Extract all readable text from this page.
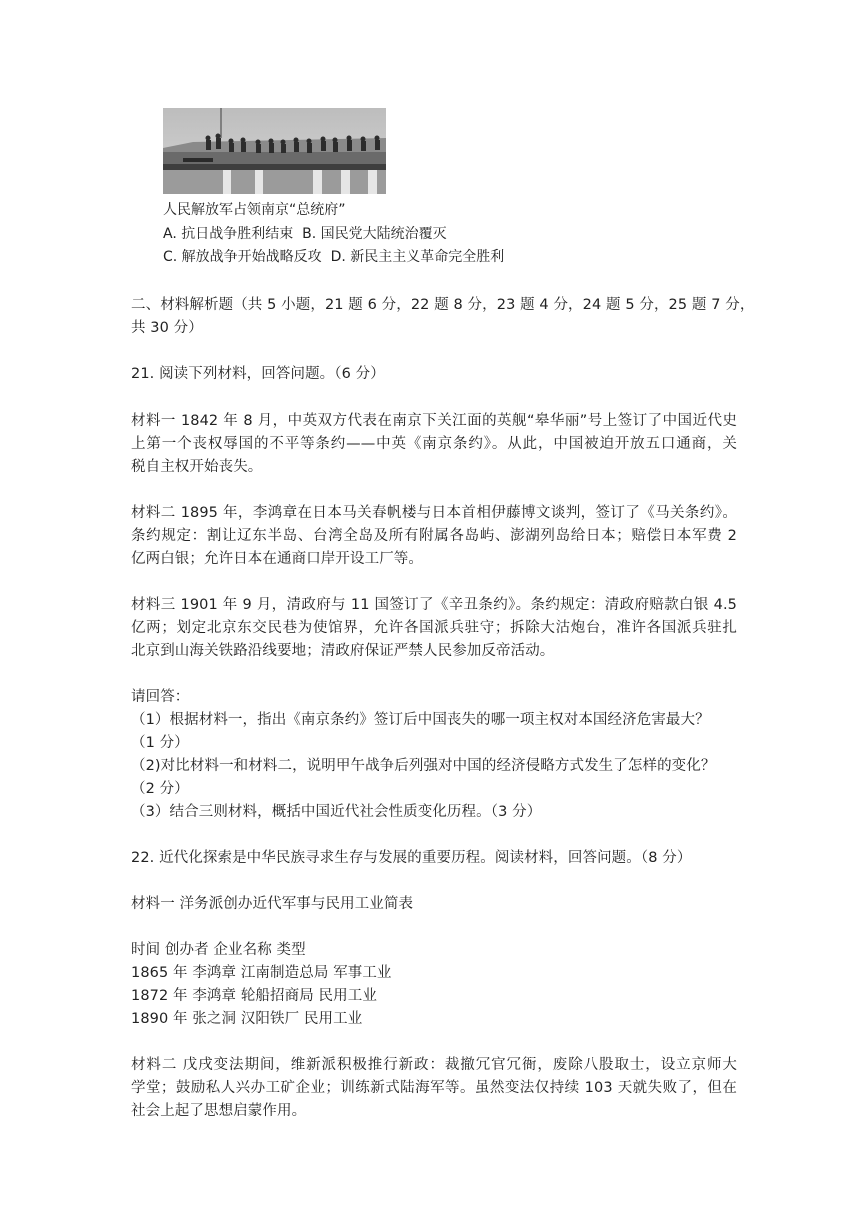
人民解放军占领南京“总统府”
A. 抗日战争胜利结束  B. 国民党大陆统治覆灭
C. 解放战争开始战略反攻  D. 新民主主义革命完全胜利
二、材料解析题（共 5 小题，21 题 6 分，22 题 8 分，23 题 4 分，24 题 5 分，25 题 7 分，
共 30 分）
21. 阅读下列材料，回答问题。（6 分）
材料一 1842 年 8 月，中英双方代表在南京下关江面的英舰“皋华丽”号上签订了中国近代史
上第一个丧权辱国的不平等条约——中英《南京条约》。从此，中国被迫开放五口通商，关
税自主权开始丧失。
材料二 1895 年，李鸿章在日本马关春帆楼与日本首相伊藤博文谈判，签订了《马关条约》。
条约规定：割让辽东半岛、台湾全岛及所有附属各岛屿、澎湖列岛给日本；赔偿日本军费 2
亿两白银；允许日本在通商口岸开设工厂等。
材料三 1901 年 9 月，清政府与 11 国签订了《辛丑条约》。条约规定：清政府赔款白银 4.5
亿两；划定北京东交民巷为使馆界，允许各国派兵驻守；拆除大沽炮台，准许各国派兵驻扎
北京到山海关铁路沿线要地；清政府保证严禁人民参加反帝活动。
请回答：
（1）根据材料一，指出《南京条约》签订后中国丧失的哪一项主权对本国经济危害最大？
（1 分）
（2)对比材料一和材料二，说明甲午战争后列强对中国的经济侵略方式发生了怎样的变化？
（2 分）
（3）结合三则材料，概括中国近代社会性质变化历程。（3 分）
22. 近代化探索是中华民族寻求生存与发展的重要历程。阅读材料，回答问题。（8 分）
材料一 洋务派创办近代军事与民用工业简表
时间 创办者 企业名称 类型
1865 年 李鸿章 江南制造总局 军事工业
1872 年 李鸿章 轮船招商局 民用工业
1890 年 张之洞 汉阳铁厂 民用工业
材料二 戊戌变法期间，维新派积极推行新政：裁撤冗官冗衙，废除八股取士，设立京师大
学堂；鼓励私人兴办工矿企业；训练新式陆海军等。虽然变法仅持续 103 天就失败了，但在
社会上起了思想启蒙作用。
